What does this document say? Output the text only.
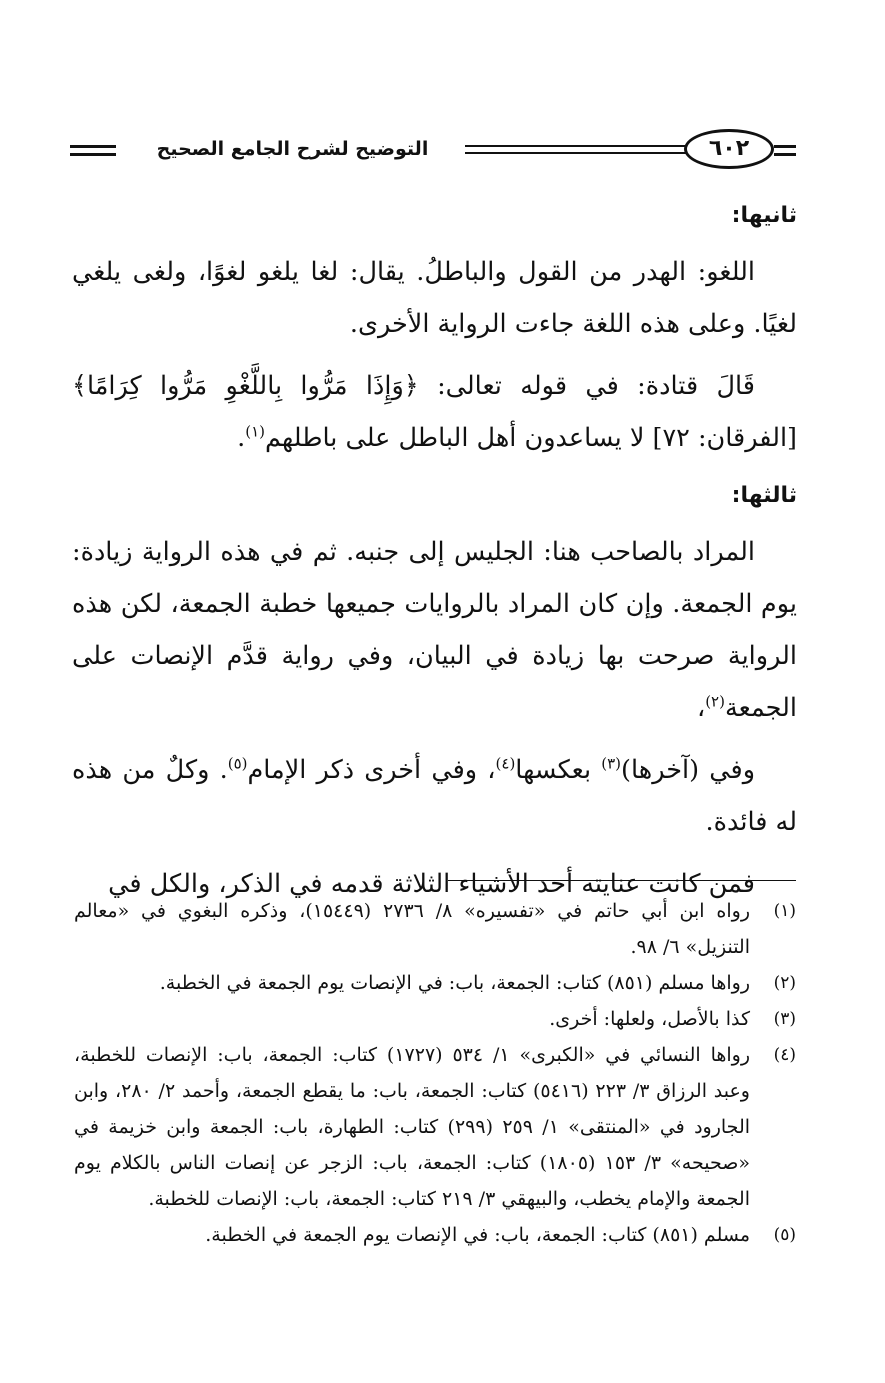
التوضيح لشرح الجامع الصحيح	٦٠٢

ثانيها:

اللغو: الهدر من القول والباطلُ. يقال: لغا يلغو لغوًا، ولغى يلغي لغيًا. وعلى هذه اللغة جاءت الرواية الأخرى.

قَالَ قتادة: في قوله تعالى: ﴿وَإِذَا مَرُّوا بِاللَّغْوِ مَرُّوا كِرَامًا﴾ [الفرقان: ٧٢] لا يساعدون أهل الباطل على باطلهم$^{(١)}$.

ثالثها:

المراد بالصاحب هنا: الجليس إلى جنبه. ثم في هذه الرواية زيادة: يوم الجمعة. وإن كان المراد بالروايات جميعها خطبة الجمعة، لكن هذه الرواية صرحت بها زيادة في البيان، وفي رواية قدَّم الإنصات على الجمعة$^{(٢)}$،

وفي (آخرها)$^{(٣)}$ بعكسها$^{(٤)}$، وفي أخرى ذكر الإمام$^{(٥)}$. وكلٌ من هذه له فائدة.

فمن كانت عنايته أحد الأشياء الثلاثة قدمه في الذكر، والكل في

(١)
رواه ابن أبي حاتم في «تفسيره» ٨/ ٢٧٣٦ (١٥٤٤٩)، وذكره البغوي في «معالم التنزيل» ٦/ ٩٨.

(٢)
رواها مسلم (٨٥١) كتاب: الجمعة، باب: في الإنصات يوم الجمعة في الخطبة.

(٣)
كذا بالأصل، ولعلها: أخرى.

(٤)
رواها النسائي في «الكبرى» ١/ ٥٣٤ (١٧٢٧) كتاب: الجمعة، باب: الإنصات للخطبة، وعبد الرزاق ٣/ ٢٢٣ (٥٤١٦) كتاب: الجمعة، باب: ما يقطع الجمعة، وأحمد ٢/ ٢٨٠، وابن الجارود في «المنتقى» ١/ ٢٥٩ (٢٩٩) كتاب: الطهارة، باب: الجمعة وابن خزيمة في «صحيحه» ٣/ ١٥٣ (١٨٠٥) كتاب: الجمعة، باب: الزجر عن إنصات الناس بالكلام يوم الجمعة والإمام يخطب، والبيهقي ٣/ ٢١٩ كتاب: الجمعة، باب: الإنصات للخطبة.

(٥)
مسلم (٨٥١) كتاب: الجمعة، باب: في الإنصات يوم الجمعة في الخطبة.
